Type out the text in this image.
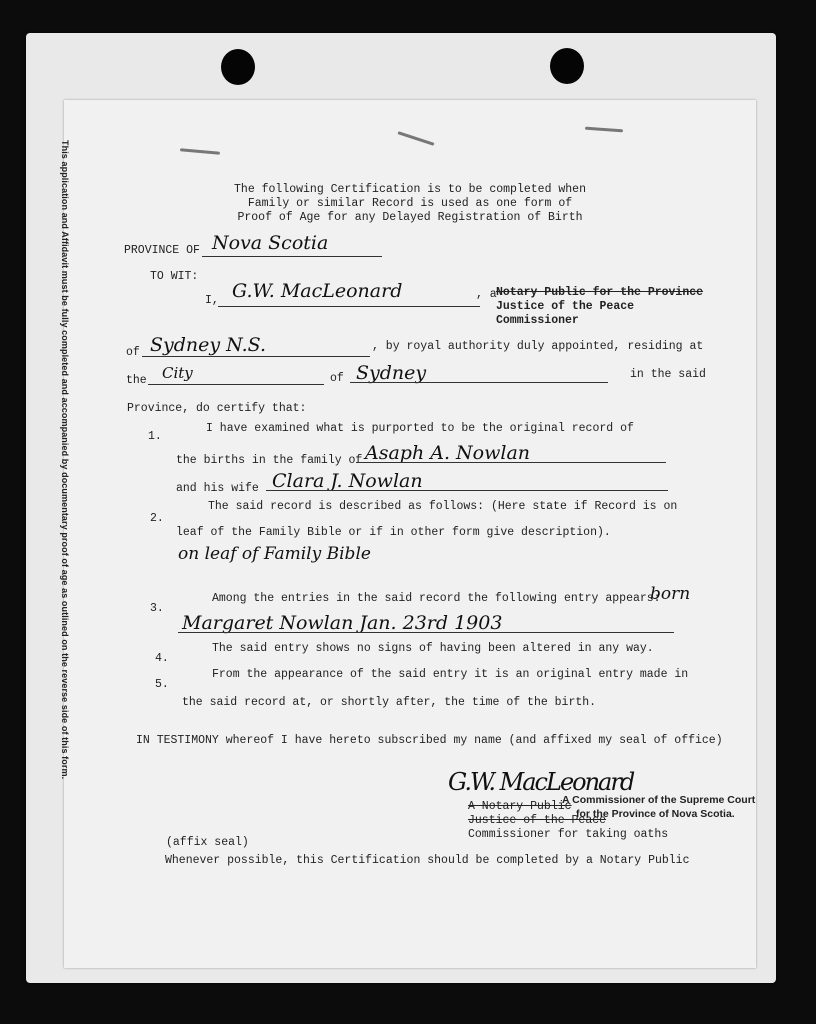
This application and Affidavit must be fully completed and accompanied by documentary proof of age as outlined on the reverse side of this form.	The following Certification is to be completed when
Family or similar Record is used as one form of
Proof of Age for any Delayed Registration of Birth
PROVINCE OF Nova Scotia
TO WIT:
I, G.W. MacLeonard	, a Notary Public for the Province
Justice of the Peace
Commissioner
of Sydney N.S.	, by royal authority duly appointed, residing at
the City	of Sydney	in the said
Province, do certify that:
1.
I have examined what is purported to be the original record of
the births in the family of Asaph A. Nowlan
and his wife Clara J. Nowlan
2.
The said record is described as follows: (Here state if Record is on
leaf of the Family Bible or if in other form give description).
on leaf of Family Bible
3.
Among the entries in the said record the following entry appears:
born
Margaret Nowlan Jan. 23rd 1903
4.
The said entry shows no signs of having been altered in any way.
5.
From the appearance of the said entry it is an original entry made in
the said record at, or shortly after, the time of the birth.
IN TESTIMONY whereof I have hereto subscribed my name (and affixed my seal of office)
G.W. MacLeonard
A Notary Public
A Commissioner of the Supreme Court
Justice of the Peace
for the Province of Nova Scotia.
Commissioner for taking oaths
(affix seal)
Whenever possible, this Certification should be completed by a Notary Public
